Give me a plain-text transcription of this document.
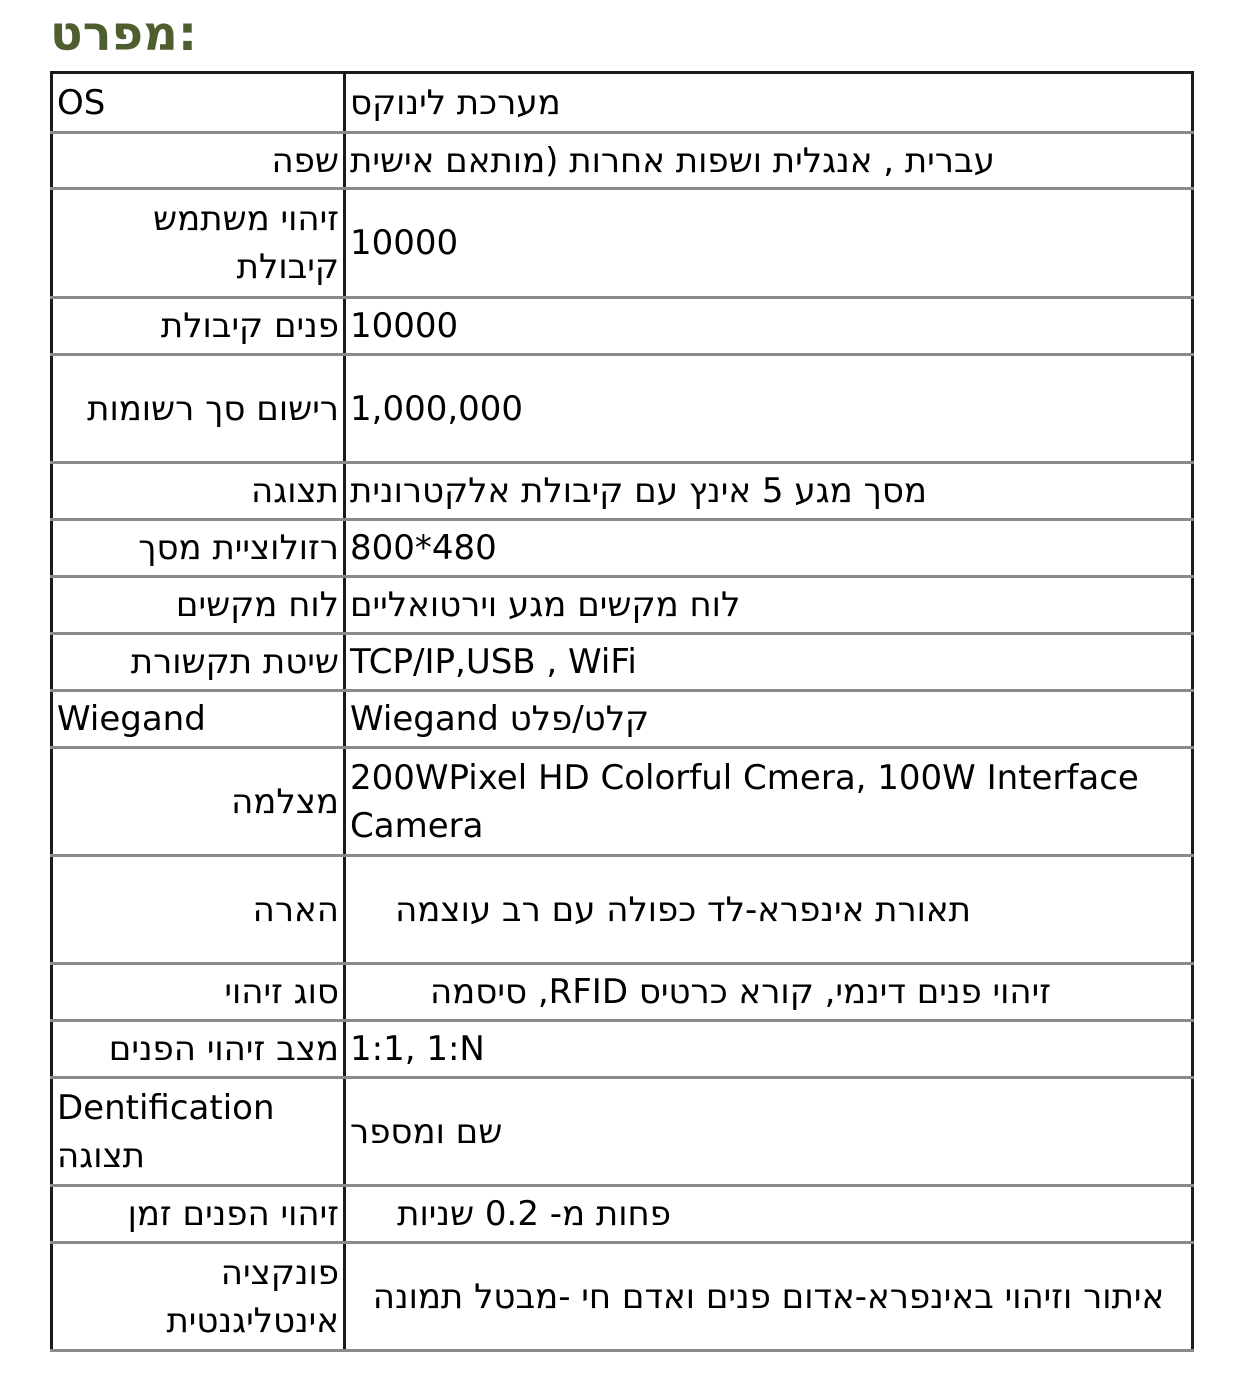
מפרט:
OS	מערכת לינוקס
שפה	עברית , אנגלית ושפות אחרות (מותאם אישית
זיהוי משתמש קיבולת	10000
פנים קיבולת	10000
רישום סך רשומות	1,000,000
תצוגה	מסך מגע 5 אינץ עם קיבולת אלקטרונית
רזולוציית מסך	800*480
לוח מקשים	לוח מקשים מגע וירטואליים
שיטת תקשורת	TCP/IP,USB , WiFi
Wiegand	Wiegand קלט/פלט
מצלמה	200WPixel HD Colorful Cmera, 100W Interface Camera
הארה	תאורת אינפרא-לד כפולה עם רב עוצמה
סוג זיהוי	זיהוי פנים דינמי, קורא כרטיס RFID, סיסמה
מצב זיהוי הפנים	1:1, 1:N
Dentification תצוגה	שם ומספר
זיהוי הפנים זמן	פחות מ- 0.2 שניות
פונקציה אינטליגנטית	איתור וזיהוי באינפרא-אדום פנים ואדם חי -מבטל תמונה
